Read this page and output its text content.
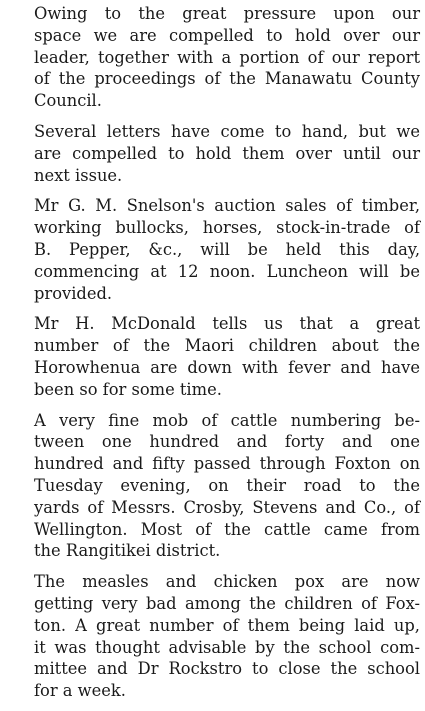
Owing to the great pressure upon our
space we are compelled to hold over our
leader, together with a portion of our report
of the proceedings of the Manawatu County
Council.

Several letters have come to hand, but we
are compelled to hold them over until our
next issue.

Mr G. M. Snelson's auction sales of timber,
working bullocks, horses, stock-in-trade of
B. Pepper, &c., will be held this day,
commencing at 12 noon. Luncheon will be
provided.

Mr H. McDonald tells us that a great
number of the Maori children about the
Horowhenua are down with fever and have
been so for some time.

A very fine mob of cattle numbering be-
tween one hundred and forty and one
hundred and fifty passed through Foxton on
Tuesday evening, on their road to the
yards of Messrs. Crosby, Stevens and Co., of
Wellington. Most of the cattle came from
the Rangitikei district.

The measles and chicken pox are now
getting very bad among the children of Fox-
ton. A great number of them being laid up,
it was thought advisable by the school com-
mittee and Dr Rockstro to close the school
for a week.
